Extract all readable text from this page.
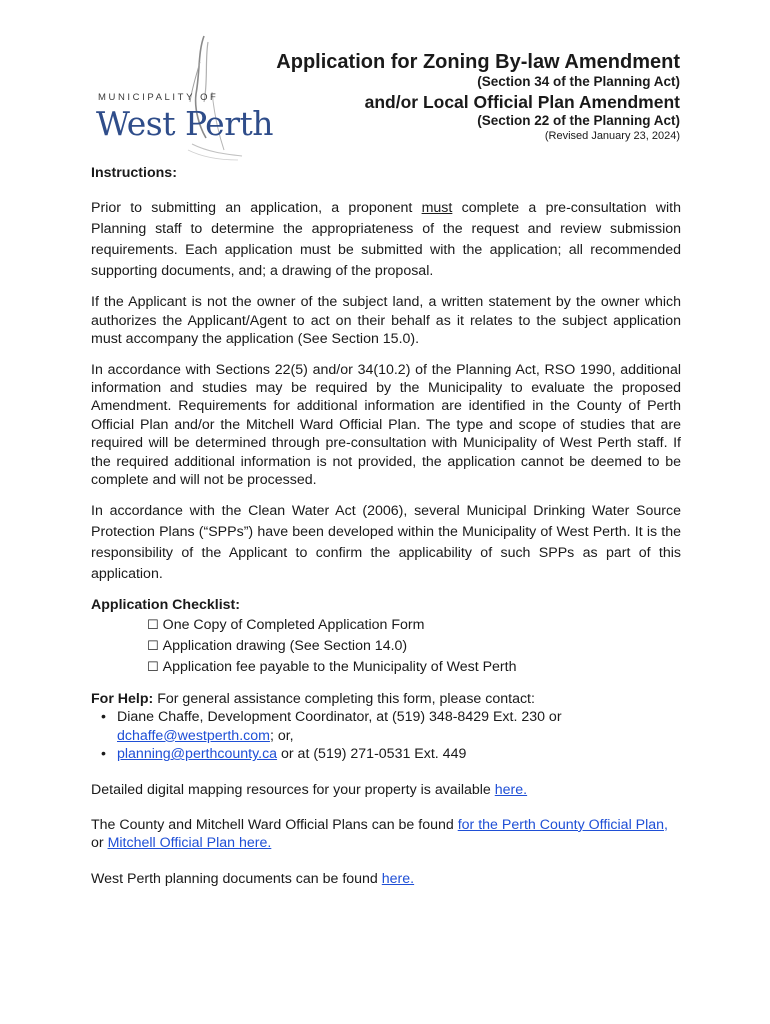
MUNICIPALITY OF
West Perth
Application for Zoning By-law Amendment
(Section 34 of the Planning Act)
and/or Local Official Plan Amendment
(Section 22 of the Planning Act)
(Revised January 23, 2024)

Instructions:

Prior to submitting an application, a proponent must complete a pre-consultation with Planning staff to determine the appropriateness of the request and review submission requirements. Each application must be submitted with the application; all recommended supporting documents, and; a drawing of the proposal.

If the Applicant is not the owner of the subject land, a written statement by the owner which authorizes the Applicant/Agent to act on their behalf as it relates to the subject application must accompany the application (See Section 15.0).

In accordance with Sections 22(5) and/or 34(10.2) of the Planning Act, RSO 1990, additional information and studies may be required by the Municipality to evaluate the proposed Amendment. Requirements for additional information are identified in the County of Perth Official Plan and/or the Mitchell Ward Official Plan. The type and scope of studies that are required will be determined through pre-consultation with Municipality of West Perth staff. If the required additional information is not provided, the application cannot be deemed to be complete and will not be processed.

In accordance with the Clean Water Act (2006), several Municipal Drinking Water Source Protection Plans (“SPPs”) have been developed within the Municipality of West Perth. It is the responsibility of the Applicant to confirm the applicability of such SPPs as part of this application.

Application Checklist:

☐ One Copy of Completed Application Form
☐ Application drawing (See Section 14.0)
☐ Application fee payable to the Municipality of West Perth

For Help: For general assistance completing this form, please contact:

• Diane Chaffe, Development Coordinator, at (519) 348-8429 Ext. 230 or dchaffe@westperth.com; or,
• planning@perthcounty.ca or at (519) 271-0531 Ext. 449

Detailed digital mapping resources for your property is available here.

The County and Mitchell Ward Official Plans can be found for the Perth County Official Plan, or Mitchell Official Plan here.

West Perth planning documents can be found here.
